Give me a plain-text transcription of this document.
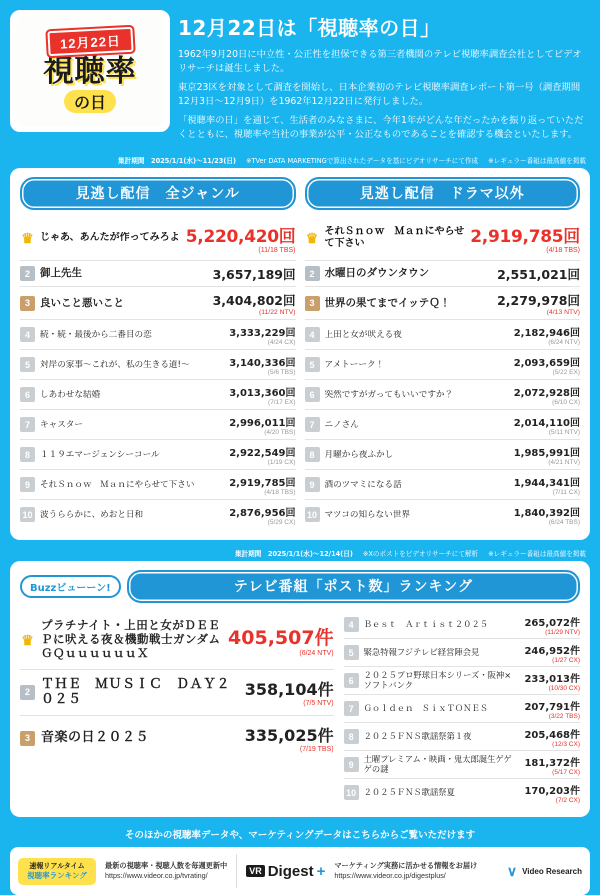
12月22日
視聴率
の日
12月22日は「視聴率の日」
1962年9月20日に中立性・公正性を担保できる第三者機関のテレビ視聴率調査会社としてビデオリサーチは誕生しました。
東京23区を対象として調査を開始し、日本企業初のテレビ視聴率調査レポート第一号（調査期間12月3日～12月9日）を1962年12月22日に発行しました。
「視聴率の日」を通じて、生活者のみなさまに、今年1年がどんな年だったかを振り返っていただくとともに、視聴率や当社の事業が公平・公正なものであることを確認する機会といたします。
集計期間　2025/1/1(水)～11/23(日) ※TVer DATA MARKETINGで算出されたデータを基にビデオリサーチにて作成 ※レギュラー番組は最高値を掲載
見逃し配信　全ジャンル
♛ じゃあ、あんたが作ってみろよ 5,220,420回
(11/18 TBS)
2 御上先生	3,657,189回
3 良いこと悪いこと	3,404,802回
(11/22 NTV)
4	続・続・最後から二番目の恋	3,333,229回
(4/24 CX)
5	対岸の家事～これが、私の生きる道!～	3,140,336回
(5/6 TBS)
6	しあわせな結婚	3,013,360回
(7/17 EX)
7	キャスター	2,996,011回
(4/20 TBS)
8	１１９エマージェンシーコール	2,922,549回
(1/19 CX)
9	それＳｎｏｗ　Ｍａｎにやらせて下さい	2,919,785回
(4/18 TBS)
10 波うららかに、めおと日和	2,876,956回
(5/29 CX)
見逃し配信　ドラマ以外
♛ それＳｎｏｗ　Ｍａｎにやらせて下さい	2,919,785回
(4/18 TBS)
2 水曜日のダウンタウン	2,551,021回
3 世界の果てまでイッテＱ！	2,279,978回
(4/13 NTV)
4	上田と女が吠える夜	2,182,946回
(6/24 NTV)
5	アメトーーク！	2,093,659回
(5/22 EX)
6	突然ですがガってもいいですか？	2,072,928回
(6/10 CX)
7	ニノさん	2,014,110回
(5/11 NTV)
8	月曜から夜ふかし	1,985,991回
(4/21 NTV)
9	酒のツマミになる話	1,944,341回
(7/11 CX)
10 マツコの知らない世界	1,840,392回
(6/24 TBS)
集計期間　2025/1/1(水)～12/14(日) ※Xのポストをビデオリサーチにて解析 ※レギュラー番組は最高値を掲載
Buzzビューーン!	テレビ番組「ポスト数」ランキング
♛
プラチナイト・上田と女がＤＥＥＰに吠える夜＆機動戦士ガンダム ＧＱｕｕｕｕｕｕＸ
405,507件
(6/24 NTV)
2
ＴＨＥ　ＭＵＳＩＣ　ＤＡＹ２０２５
358,104件
(7/5 NTV)
3 音楽の日２０２５	335,025件
(7/19 TBS)
4	Ｂｅｓｔ　Ａｒｔｉｓｔ２０２５	265,072件
(11/29 NTV)
5	緊急特報フジテレビ経営陣会見	246,952件
(1/27 CX)
6
２０２５プロ野球日本シリーズ・阪神×ソフトバンク	233,013件
(10/30 CX)
7	Ｇｏｌｄｅｎ　ＳｉｘＴＯＮＥＳ	207,791件
(3/22 TBS)
8	２０２５ＦＮＳ歌謡祭第１夜	205,468件
(12/3 CX)
9
土曜プレミアム・映画・鬼太郎誕生ゲゲゲの謎	181,372件
(5/17 CX)
10 ２０２５ＦＮＳ歌謡祭夏	170,203件
(7/2 CX)
そのほかの視聴率データや、マーケティングデータはこちらからご覧いただけます
速報リアルタイム
視聴率ランキング
最新の視聴率・視聴人数を毎週更新中
https://www.videor.co.jp/tvrating/	VR Digest + マーケティング実務に活かせる情報をお届け
https://www.videor.co.jp/digestplus/	∨ Video Research
